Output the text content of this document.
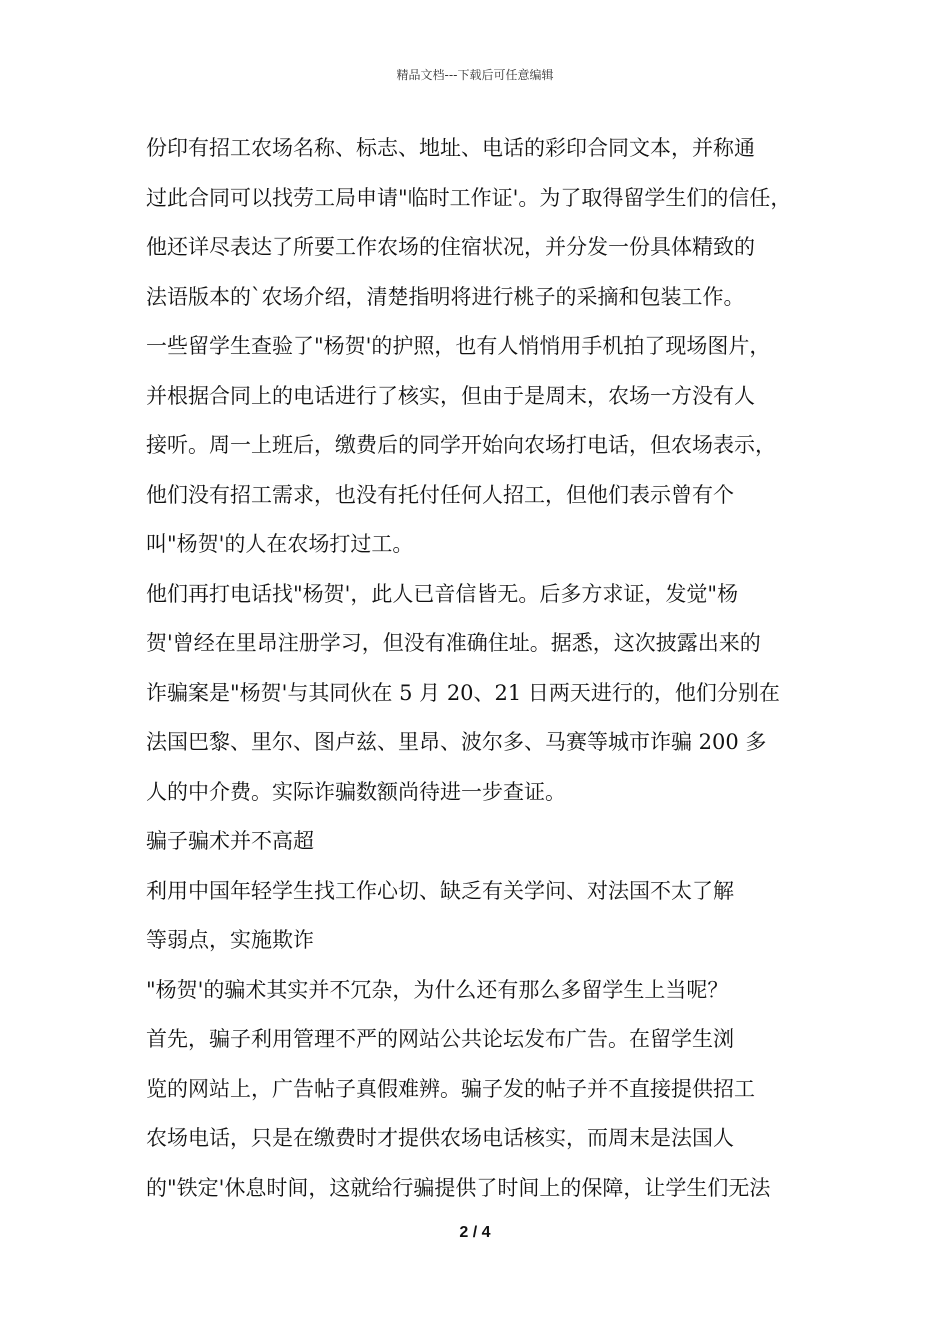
精品文档---下载后可任意编辑
份印有招工农场名称、标志、地址、电话的彩印合同文本，并称通
过此合同可以找劳工局申请"临时工作证'。为了取得留学生们的信任，
他还详尽表达了所要工作农场的住宿状况，并分发一份具体精致的
法语版本的`农场介绍，清楚指明将进行桃子的采摘和包装工作。
一些留学生查验了"杨贺'的护照，也有人悄悄用手机拍了现场图片，
并根据合同上的电话进行了核实，但由于是周末，农场一方没有人
接听。周一上班后，缴费后的同学开始向农场打电话，但农场表示，
他们没有招工需求，也没有托付任何人招工，但他们表示曾有个
叫"杨贺'的人在农场打过工。
他们再打电话找"杨贺'，此人已音信皆无。后多方求证，发觉"杨
贺'曾经在里昂注册学习，但没有准确住址。据悉，这次披露出来的
诈骗案是"杨贺'与其同伙在 5 月 20、21 日两天进行的，他们分别在
法国巴黎、里尔、图卢兹、里昂、波尔多、马赛等城市诈骗 200 多
人的中介费。实际诈骗数额尚待进一步查证。
骗子骗术并不高超
利用中国年轻学生找工作心切、缺乏有关学问、对法国不太了解
等弱点，实施欺诈
"杨贺'的骗术其实并不冗杂，为什么还有那么多留学生上当呢？
首先，骗子利用管理不严的网站公共论坛发布广告。在留学生浏
览的网站上，广告帖子真假难辨。骗子发的帖子并不直接提供招工
农场电话，只是在缴费时才提供农场电话核实，而周末是法国人
的"铁定'休息时间，这就给行骗提供了时间上的保障，让学生们无法
2 / 4
